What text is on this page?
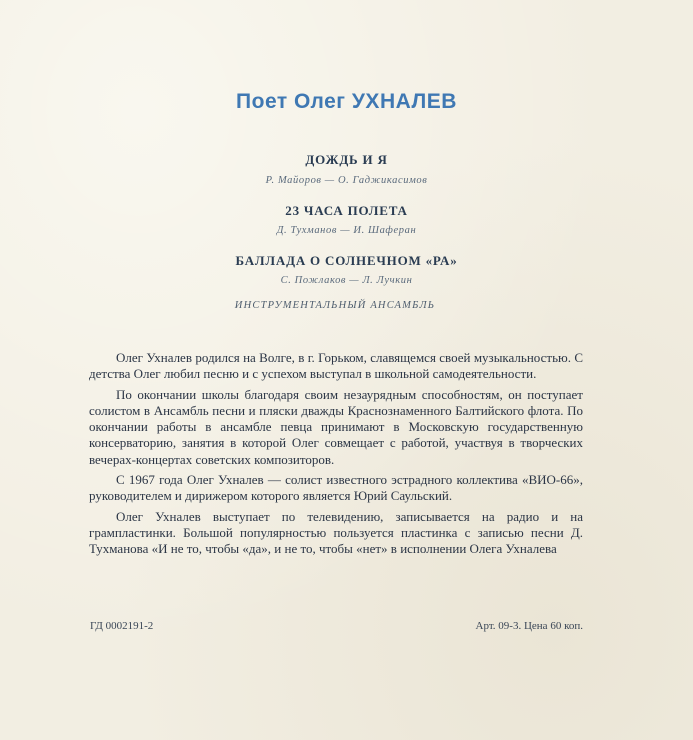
Поет Олег УХНАЛЕВ
ДОЖДЬ И Я
Р. Майоров — О. Гаджикасимов
23 ЧАСА ПОЛЕТА
Д. Тухманов — И. Шаферан
БАЛЛАДА О СОЛНЕЧНОМ «РА»
С. Пожлаков — Л. Лучкин
ИНСТРУМЕНТАЛЬНЫЙ АНСАМБЛЬ

Олег Ухналев родился на Волге, в г. Горьком, славящемся своей музыкальностью. С детства Олег любил песню и с успехом выступал в школьной самодеятельности.

По окончании школы благодаря своим незаурядным способностям, он поступает солистом в Ансамбль песни и пляски дважды Краснознаменного Балтийского флота. По окончании работы в ансамбле певца принимают в Московскую государственную консерваторию, занятия в которой Олег совмещает с работой, участвуя в творческих вечерах-концертах советских композиторов.

С 1967 года Олег Ухналев — солист известного эстрадного коллектива «ВИО-66», руководителем и дирижером которого является Юрий Саульский.

Олег Ухналев выступает по телевидению, записывается на радио и на грампластинки. Большой популярностью пользуется пластинка с записью песни Д. Тухманова «И не то, чтобы «да», и не то, чтобы «нет» в исполнении Олега Ухналева

ГД 0002191-2	Арт. 09-3. Цена 60 коп.
